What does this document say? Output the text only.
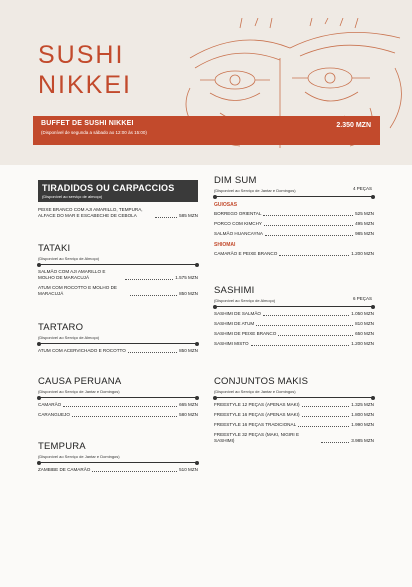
SUSHI
NIKKEI
BUFFET DE SUSHI NIKKEI
(Disponível de segunda a sábado ao 12:00 às 15:00)
2.350 MZN
TIRADIDOS OU CARPACCIOS
(Disponível ao serviço de almoço)
PEIXE BRANCO COM AJI AMARILLO, TEMPURA, ALFACE DO MAR E ESCABECHE DE CEBOLA	585 MZN
TATAKI
(Disponível ao Serviço de Almoço)
SALMÃO COM AJI AMARILLO E MOLHO DE MARACUJÁ	1.575 MZN
ATUM COM ROCOTTO E MOLHO DE MARACUJÁ	850 MZN
TARTARO
(Disponível ao Serviço de Almoço)
ATUM COM ACERVICHADO E ROCOTTO	850 MZN
CAUSA PERUANA
(Disponível ao Serviço de Jantar e Domingos)
CAMARÃO	665 MZN
CARANGUEJO	580 MZN
TEMPURA
(Disponível ao Serviço de Jantar e Domingos)
ZAMBIBE DE CAMARÃO	510 MZN
DIM SUM
(Disponível ao Serviço de Jantar e Domingos)	4 PEÇAS
GUIOSAS
BORREGO ORIENTAL	525 MZN
PORCO COM KIMCHY	495 MZN
SALMÃO HUANCAYNA	985 MZN
SHIOMAI
CAMARÃO E PEIXE BRANCO	1.200 MZN
SASHIMI
(Disponível ao Serviço de Almoço)	6 PEÇAS
SASHIMI DE SALMÃO	1.050 MZN
SASHIMI DE ATUM	810 MZN
SASHIMI DE PEIXE BRANCO	650 MZN
SASHIMI MISTO	1.200 MZN
CONJUNTOS MAKIS
(Disponível ao Serviço de Jantar e Domingos)
FREESTYLE 12 PEÇAS (APENAS MAKI)	1.325 MZN
FREESTYLE 16 PEÇAS (APENAS MAKI)	1.800 MZN
FREESTYLE 16 PEÇAS TRADICIONAL	1.990 MZN
FREESTYLE 32 PEÇAS (MAKI, NIGIRI E SASHIMI)	3.985 MZN
